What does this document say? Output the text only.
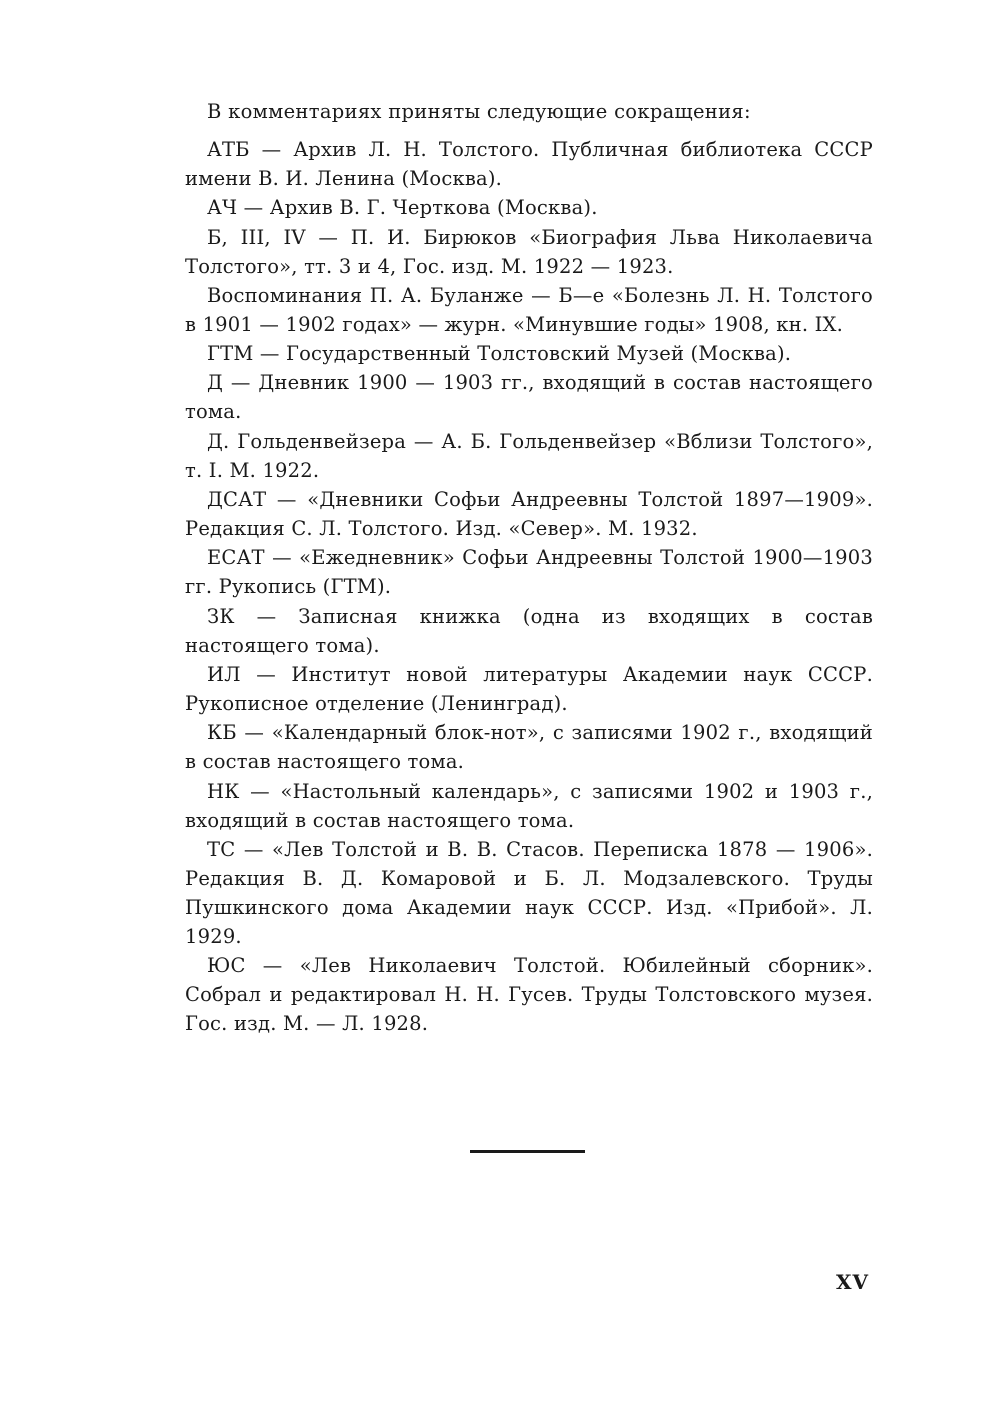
В комментариях приняты следующие сокращения:

АТБ — Архив Л. Н. Толстого. Публичная библиотека СССР имени В. И. Ленина (Москва).

АЧ — Архив В. Г. Черткова (Москва).

Б, III, IV — П. И. Бирюков «Биография Льва Николаевича Толстого», тт. 3 и 4, Гос. изд. М. 1922 — 1923.

Воспоминания П. А. Буланже — Б—е «Болезнь Л. Н. Толстого в 1901 — 1902 годах» — журн. «Минувшие годы» 1908, кн. IX.

ГТМ — Государственный Толстовский Музей (Москва).

Д — Дневник 1900 — 1903 гг., входящий в состав настоящего тома.

Д. Гольденвейзера — А. Б. Гольденвейзер «Вблизи Толстого», т. I. М. 1922.

ДСАТ — «Дневники Софьи Андреевны Толстой 1897—1909». Редакция С. Л. Толстого. Изд. «Север». М. 1932.

ЕСАТ — «Ежедневник» Софьи Андреевны Толстой 1900—1903 гг. Рукопись (ГТМ).

ЗК — Записная книжка (одна из входящих в состав настоящего тома).

ИЛ — Институт новой литературы Академии наук СССР. Рукописное отделение (Ленинград).

КБ — «Календарный блок-нот», с записями 1902 г., входящий в состав настоящего тома.

НК — «Настольный календарь», с записями 1902 и 1903 г., входящий в состав настоящего тома.

ТС — «Лев Толстой и В. В. Стасов. Переписка 1878 — 1906». Редакция В. Д. Комаровой и Б. Л. Модзалевского. Труды Пушкинского дома Академии наук СССР. Изд. «Прибой». Л. 1929.

ЮС — «Лев Николаевич Толстой. Юбилейный сборник». Собрал и редактировал Н. Н. Гусев. Труды Толстовского музея. Гос. изд. М. — Л. 1928.

XV
